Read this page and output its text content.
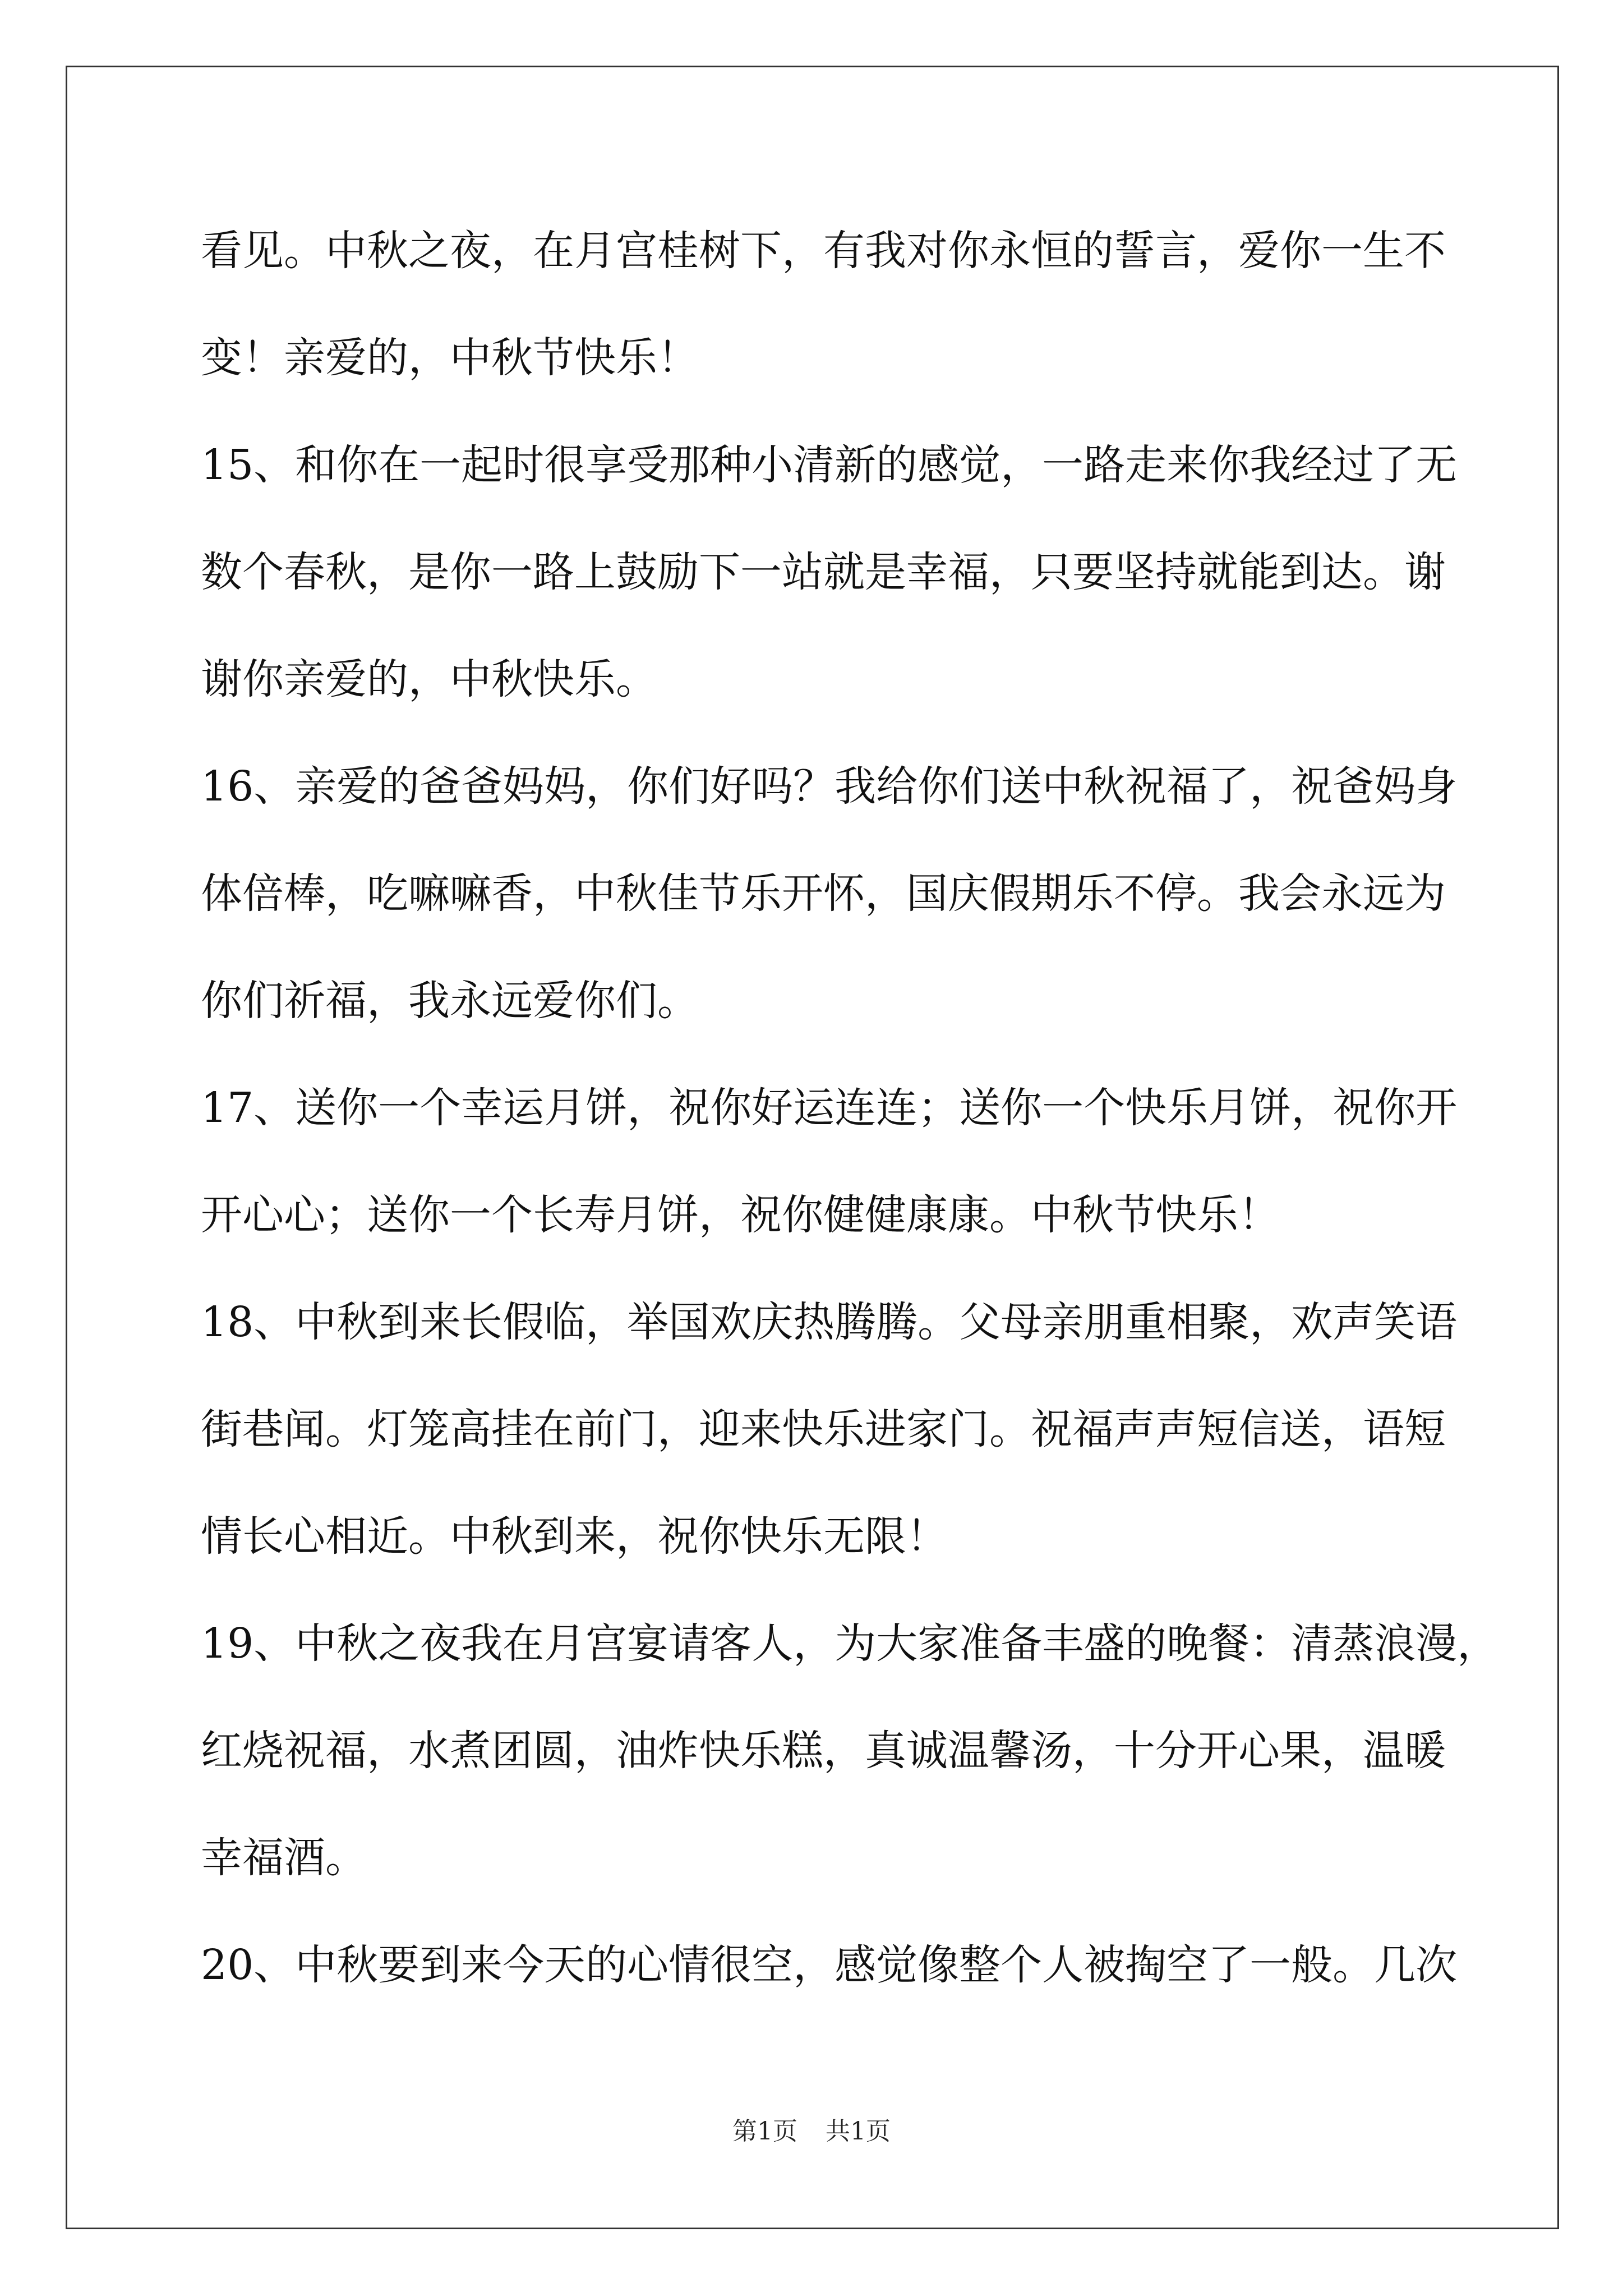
看见。中秋之夜，在月宫桂树下，有我对你永恒的誓言，爱你一生不
变！亲爱的，中秋节快乐！
15、和你在一起时很享受那种小清新的感觉，一路走来你我经过了无
数个春秋，是你一路上鼓励下一站就是幸福，只要坚持就能到达。谢
谢你亲爱的，中秋快乐。
16、亲爱的爸爸妈妈，你们好吗？我给你们送中秋祝福了，祝爸妈身
体倍棒，吃嘛嘛香，中秋佳节乐开怀，国庆假期乐不停。我会永远为
你们祈福，我永远爱你们。
17、送你一个幸运月饼，祝你好运连连；送你一个快乐月饼，祝你开
开心心；送你一个长寿月饼，祝你健健康康。中秋节快乐！
18、中秋到来长假临，举国欢庆热腾腾。父母亲朋重相聚，欢声笑语
街巷闻。灯笼高挂在前门，迎来快乐进家门。祝福声声短信送，语短
情长心相近。中秋到来，祝你快乐无限！
19、中秋之夜我在月宫宴请客人，为大家准备丰盛的晚餐：清蒸浪漫，
红烧祝福，水煮团圆，油炸快乐糕，真诚温馨汤，十分开心果，温暖
幸福酒。
20、中秋要到来今天的心情很空，感觉像整个人被掏空了一般。几次
第1页 共1页
